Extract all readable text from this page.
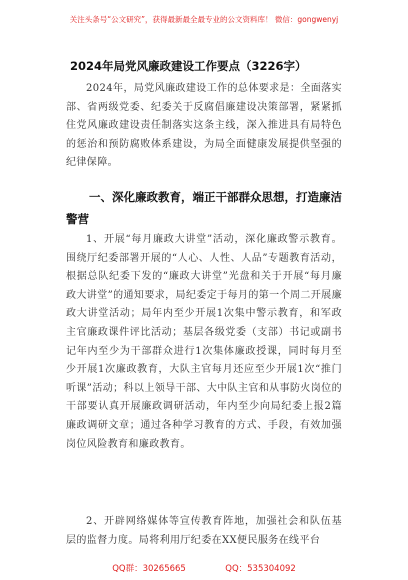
关注头条号“公文研究”，获得最新最全最专业的公文资料库！ 微信：gongwenyj
2024年局党风廉政建设工作要点（3226字）
2024年，局党风廉政建设工作的总体要求是：全面落实部、省两级党委、纪委关于反腐倡廉建设决策部署，紧紧抓住党风廉政建设责任制落实这条主线，深入推进具有局特色的惩治和预防腐败体系建设，为局全面健康发展提供坚强的纪律保障。
一、深化廉政教育，端正干部群众思想，打造廉洁警营
1、开展“每月廉政大讲堂”活动，深化廉政警示教育。围绕厅纪委部署开展的“人心、人性、人品”专题教育活动，根据总队纪委下发的“廉政大讲堂”光盘和关于开展“每月廉政大讲堂”的通知要求，局纪委定于每月的第一个周二开展廉政大讲堂活动；局年内至少开展1次集中警示教育，和军政主官廉政课件评比活动；基层各级党委（支部）书记或副书记年内至少为干部群众进行1次集体廉政授课，同时每月至少开展1次廉政教育，大队主官每月还应至少开展1次“推门听课”活动；科以上领导干部、大中队主官和从事防火岗位的干部要认真开展廉政调研活动，年内至少向局纪委上报2篇廉政调研文章；通过各种学习教育的方式、手段，有效加强岗位风险教育和廉政教育。
2、开辟网络媒体等宣传教育阵地，加强社会和队伍基层的监督力度。局将利用厅纪委在XX便民服务在线平台
QQ群：30265665	QQ：535304092
